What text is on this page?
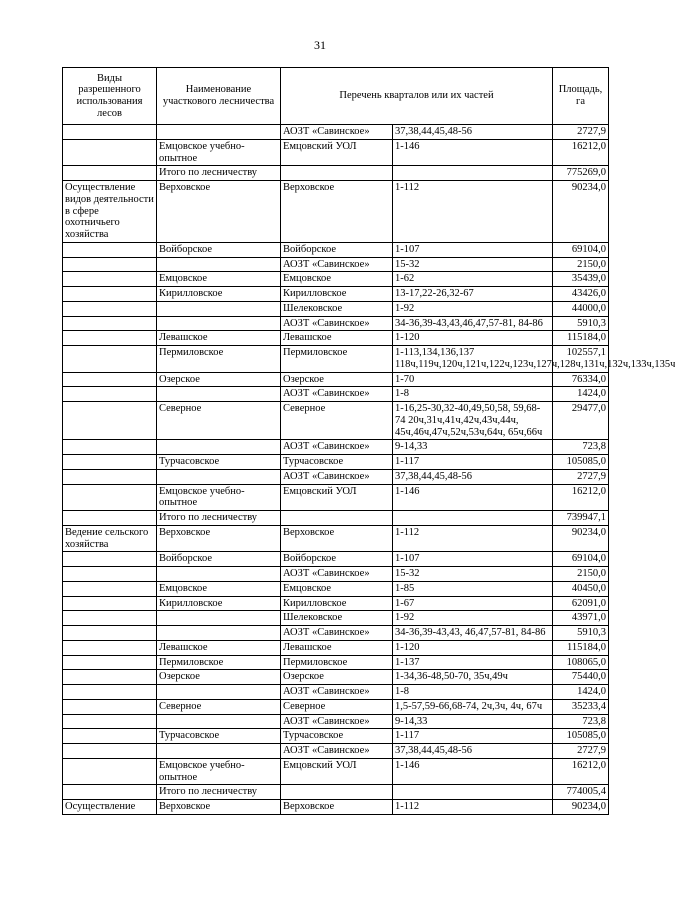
31
Виды разрешенного использования лесов	Наименование участкового лесничества	Перечень кварталов или их частей		Площадь, га
		АОЗТ «Савинское»	37,38,44,45,48-56	2727,9
	Емцовское учебно-опытное	Емцовский УОЛ	1-146	16212,0
	Итого по лесничеству			775269,0
Осуществление видов деятельности в сфере охотничьего хозяйства	Верховское	Верховское	1-112	90234,0
	Войборское	Войборское	1-107	69104,0
		АОЗТ «Савинское»	15-32	2150,0
	Емцовское	Емцовское	1-62	35439,0
	Кирилловское	Кирилловское	13-17,22-26,32-67	43426,0
		Шелековское	1-92	44000,0
		АОЗТ «Савинское»	34-36,39-43,43,46,47,57-81, 84-86	5910,3
	Левашское	Левашское	1-120	115184,0
	Пермиловское	Пермиловское	1-113,134,136,137 118ч,119ч,120ч,121ч,122ч,123ч,127ч,128ч,131ч,132ч,133ч,135ч	102557,1
	Озерское	Озерское	1-70	76334,0
		АОЗТ «Савинское»	1-8	1424,0
	Северное	Северное	1-16,25-30,32-40,49,50,58, 59,68-74 20ч,31ч,41ч,42ч,43ч,44ч, 45ч,46ч,47ч,52ч,53ч,64ч, 65ч,66ч	29477,0
		АОЗТ «Савинское»	9-14,33	723,8
	Турчасовское	Турчасовское	1-117	105085,0
		АОЗТ «Савинское»	37,38,44,45,48-56	2727,9
	Емцовское учебно-опытное	Емцовский УОЛ	1-146	16212,0
	Итого по лесничеству			739947,1
Ведение сельского хозяйства	Верховское	Верховское	1-112	90234,0
	Войборское	Войборское	1-107	69104,0
		АОЗТ «Савинское»	15-32	2150,0
	Емцовское	Емцовское	1-85	40450,0
	Кирилловское	Кирилловское	1-67	62091,0
		Шелековское	1-92	43971,0
		АОЗТ «Савинское»	34-36,39-43,43, 46,47,57-81, 84-86	5910,3
	Левашское	Левашское	1-120	115184,0
	Пермиловское	Пермиловское	1-137	108065,0
	Озерское	Озерское	1-34,36-48,50-70, 35ч,49ч	75440,0
		АОЗТ «Савинское»	1-8	1424,0
	Северное	Северное	1,5-57,59-66,68-74, 2ч,3ч, 4ч, 67ч	35233,4
		АОЗТ «Савинское»	9-14,33	723,8
	Турчасовское	Турчасовское	1-117	105085,0
		АОЗТ «Савинское»	37,38,44,45,48-56	2727,9
	Емцовское учебно-опытное	Емцовский УОЛ	1-146	16212,0
	Итого по лесничеству			774005,4
Осуществление	Верховское	Верховское	1-112	90234,0
